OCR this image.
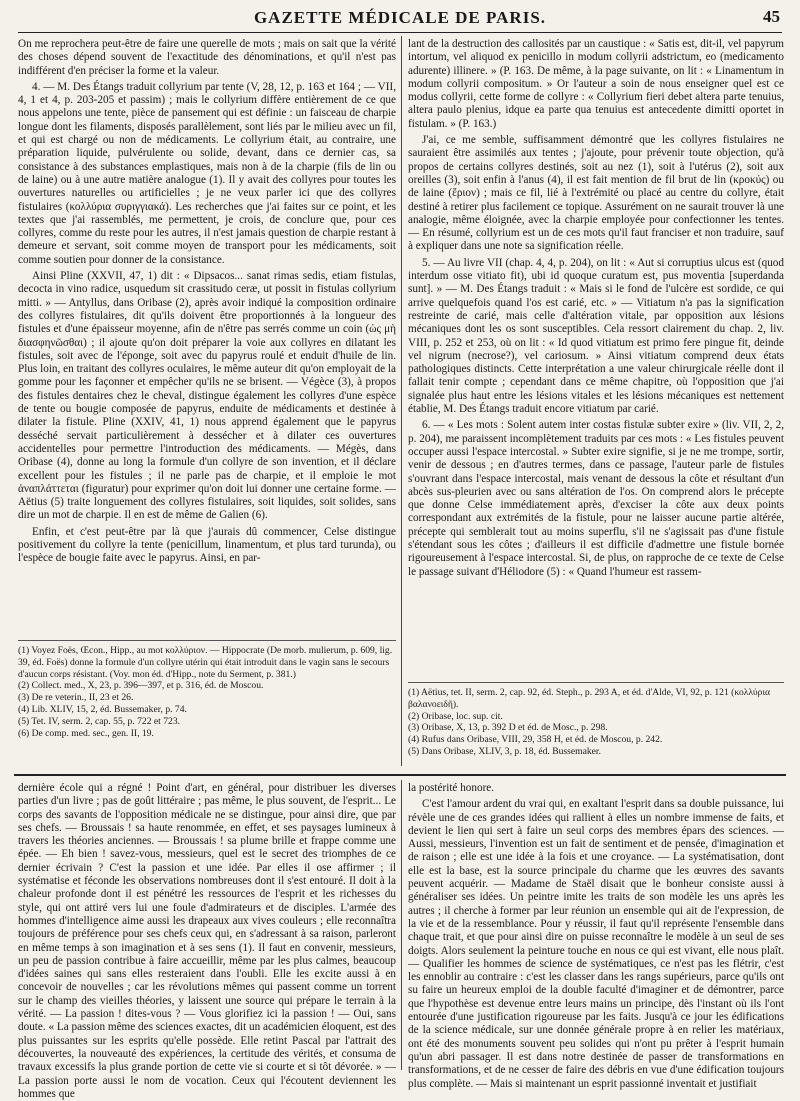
GAZETTE MÉDICALE DE PARIS.	45

On me reprochera peut-être de faire une querelle de mots ; mais on sait que la vérité des choses dépend souvent de l'exactitude des dénominations, et qu'il n'est pas indifférent d'en préciser la forme et la valeur.

4. — M. Des Étangs traduit collyrium par tente (V, 28, 12, p. 163 et 164 ; — VII, 4, 1 et 4, p. 203-205 et passim) ; mais le collyrium diffère entièrement de ce que nous appelons une tente, pièce de pansement qui est définie : un faisceau de charpie longue dont les filaments, disposés parallèlement, sont liés par le milieu avec un fil, et qui est chargé ou non de médicaments. Le collyrium était, au contraire, une préparation liquide, pulvérulente ou solide, devant, dans ce dernier cas, sa consistance à des substances emplastiques, mais non à de la charpie (fils de lin ou de laine) ou à une autre matière analogue (1). Il y avait des collyres pour toutes les ouvertures naturelles ou artificielles ; je ne veux parler ici que des collyres fistulaires (κολλύρια συριγγιακά). Les recherches que j'ai faites sur ce point, et les textes que j'ai rassemblés, me permettent, je crois, de conclure que, pour ces collyres, comme du reste pour les autres, il n'est jamais question de charpie restant à demeure et servant, soit comme moyen de transport pour les médicaments, soit comme soutien pour donner de la consistance.

Ainsi Pline (XXVII, 47, 1) dit : « Dipsacos... sanat rimas sedis, etiam fistulas, decocta in vino radice, usquedum sit crassitudo ceræ, ut possit in fistulas collyrium mitti. » — Antyllus, dans Oribase (2), après avoir indiqué la composition ordinaire des collyres fistulaires, dit qu'ils doivent être proportionnés à la longueur des fistules et d'une épaisseur moyenne, afin de n'être pas serrés comme un coin (ὡς μὴ διασφηνῶσθαι) ; il ajoute qu'on doit préparer la voie aux collyres en dilatant les fistules, soit avec de l'éponge, soit avec du papyrus roulé et enduit d'huile de lin. Plus loin, en traitant des collyres oculaires, le même auteur dit qu'on employait de la gomme pour les façonner et empêcher qu'ils ne se brisent. — Végèce (3), à propos des fistules dentaires chez le cheval, distingue également les collyres d'une espèce de tente ou bougie composée de papyrus, enduite de médicaments et destinée à dilater la fistule. Pline (XXIV, 41, 1) nous apprend également que le papyrus desséché servait particulièrement à dessécher et à dilater ces ouvertures accidentelles pour permettre l'introduction des médicaments. — Mégès, dans Oribase (4), donne au long la formule d'un collyre de son invention, et il déclare excellent pour les fistules ; il ne parle pas de charpie, et il emploie le mot ἀναπλάττεται (figuratur) pour exprimer qu'on doit lui donner une certaine forme. — Aëtius (5) traite longuement des collyres fistulaires, soit liquides, soit solides, sans dire un mot de charpie. Il en est de même de Galien (6).

Enfin, et c'est peut-être par là que j'aurais dû commencer, Celse distingue positivement du collyre la tente (penicillum, linamentum, et plus tard turunda), ou l'espèce de bougie faite avec le papyrus. Ainsi, en par-

(1) Voyez Foës, Œcon., Hipp., au mot κολλύριον. — Hippocrate (De morb. mulierum, p. 609, lig. 39, éd. Foës) donne la formule d'un collyre utérin qui était introduit dans le vagin sans le secours d'aucun corps résistant. (Voy. mon éd. d'Hipp., note du Serment, p. 381.)
(2) Collect. med., X, 23, p. 396—397, et p. 316, éd. de Moscou.
(3) De re veterin., II, 23 et 26.
(4) Lib. XLIV, 15, 2, éd. Bussemaker, p. 74.
(5) Tet. IV, serm. 2, cap. 55, p. 722 et 723.
(6) De comp. med. sec., gen. II, 19.

lant de la destruction des callosités par un caustique : « Satis est, dit-il, vel papyrum intortum, vel aliquod ex penicillo in modum collyrii adstrictum, eo (medicamento adurente) illinere. » (P. 163. De même, à la page suivante, on lit : « Linamentum in modum collyrii compositum. » Or l'auteur a soin de nous enseigner quel est ce modus collyrii, cette forme de collyre : « Collyrium fieri debet altera parte tenuius, altera paulo plenius, idque ea parte qua tenuius est antecedente dimitti oportet in fistulam. » (P. 163.)

J'ai, ce me semble, suffisamment démontré que les collyres fistulaires ne sauraient être assimilés aux tentes ; j'ajoute, pour prévenir toute objection, qu'à propos de certains collyres destinés, soit au nez (1), soit à l'utérus (2), soit aux oreilles (3), soit enfin à l'anus (4), il est fait mention de fil brut de lin (κροκύς) ou de laine (ἔριον) ; mais ce fil, lié à l'extrémité ou placé au centre du collyre, était destiné à retirer plus facilement ce topique. Assurément on ne saurait trouver là une analogie, même éloignée, avec la charpie employée pour confectionner les tentes. — En résumé, collyrium est un de ces mots qu'il faut franciser et non traduire, sauf à expliquer dans une note sa signification réelle.

5. — Au livre VII (chap. 4, 4, p. 204), on lit : « Aut si corruptius ulcus est (quod interdum osse vitiato fit), ubi id quoque curatum est, pus moventia [superdanda sunt]. » — M. Des Étangs traduit : « Mais si le fond de l'ulcère est sordide, ce qui arrive quelquefois quand l'os est carié, etc. » — Vitiatum n'a pas la signification restreinte de carié, mais celle d'altération vitale, par opposition aux lésions mécaniques dont les os sont susceptibles. Cela ressort clairement du chap. 2, liv. VIII, p. 252 et 253, où on lit : « Id quod vitiatum est primo fere pingue fit, deinde vel nigrum (necrose?), vel cariosum. » Ainsi vitiatum comprend deux états pathologiques distincts. Cette interprétation a une valeur chirurgicale réelle dont il fallait tenir compte ; cependant dans ce même chapitre, où l'opposition que j'ai signalée plus haut entre les lésions vitales et les lésions mécaniques est nettement établie, M. Des Étangs traduit encore vitiatum par carié.

6. — « Les mots : Solent autem inter costas fistulæ subter exire » (liv. VII, 2, 2, p. 204), me paraissent incomplètement traduits par ces mots : « Les fistules peuvent occuper aussi l'espace intercostal. » Subter exire signifie, si je ne me trompe, sortir, venir de dessous ; en d'autres termes, dans ce passage, l'auteur parle de fistules s'ouvrant dans l'espace intercostal, mais venant de dessous la côte et résultant d'un abcès sus-pleurien avec ou sans altération de l'os. On comprend alors le précepte que donne Celse immédiatement après, d'exciser la côte aux deux points correspondant aux extrémités de la fistule, pour ne laisser aucune partie altérée, précepte qui semblerait tout au moins superflu, s'il ne s'agissait pas d'une fistule s'étendant sous les côtes ; d'ailleurs il est difficile d'admettre une fistule bornée rigoureusement à l'espace intercostal. Si, de plus, on rapproche de ce texte de Celse le passage suivant d'Héliodore (5) : « Quand l'humeur est rassem-

(1) Aëtius, tet. II, serm. 2, cap. 92, éd. Steph., p. 293 A, et éd. d'Alde, VI, 92, p. 121 (κολλύρια βαλανοειδῆ).
(2) Oribase, loc. sup. cit.
(3) Oribase, X, 13, p. 392 D et éd. de Mosc., p. 298.
(4) Rufus dans Oribase, VIII, 29, 358 H, et éd. de Moscou, p. 242.
(5) Dans Oribase, XLIV, 3, p. 18, éd. Bussemaker.

dernière école qui a régné ! Point d'art, en général, pour distribuer les diverses parties d'un livre ; pas de goût littéraire ; pas même, le plus souvent, de l'esprit... Le corps des savants de l'opposition médicale ne se distingue, pour ainsi dire, que par ses chefs. — Broussais ! sa haute renommée, en effet, et ses paysages lumineux à travers les théories anciennes. — Broussais ! sa plume brille et frappe comme une épée. — Eh bien ! savez-vous, messieurs, quel est le secret des triomphes de ce dernier écrivain ? C'est la passion et une idée. Par elles il ose affirmer ; il systématise et féconde les observations nombreuses dont il s'est entouré. Il doit à la chaleur profonde dont il est pénétré les ressources de l'esprit et les richesses du style, qui ont attiré vers lui une foule d'admirateurs et de disciples. L'armée des hommes d'intelligence aime aussi les drapeaux aux vives couleurs ; elle reconnaîtra toujours de préférence pour ses chefs ceux qui, en s'adressant à sa raison, parleront en même temps à son imagination et à ses sens (1). Il faut en convenir, messieurs, un peu de passion contribue à faire accueillir, même par les plus calmes, beaucoup d'idées saines qui sans elles resteraient dans l'oubli. Elle les excite aussi à en concevoir de nouvelles ; car les révolutions mêmes qui passent comme un torrent sur le champ des vieilles théories, y laissent une source qui prépare le terrain à la vérité. — La passion ! dites-vous ? — Vous glorifiez ici la passion ! — Oui, sans doute. « La passion même des sciences exactes, dit un académicien éloquent, est des plus puissantes sur les esprits qu'elle possède. Elle retint Pascal par l'attrait des découvertes, la nouveauté des expériences, la certitude des vérités, et consuma de travaux excessifs la plus grande portion de cette vie si courte et si tôt dévorée. » — La passion porte aussi le nom de vocation. Ceux qui l'écoutent deviennent les hommes que

la postérité honore.

C'est l'amour ardent du vrai qui, en exaltant l'esprit dans sa double puissance, lui révèle une de ces grandes idées qui rallient à elles un nombre immense de faits, et devient le lien qui sert à faire un seul corps des membres épars des sciences. — Aussi, messieurs, l'invention est un fait de sentiment et de pensée, d'imagination et de raison ; elle est une idée à la fois et une croyance. — La systématisation, dont elle est la base, est la source principale du charme que les œuvres des savants peuvent acquérir. — Madame de Staël disait que le bonheur consiste aussi à généraliser ses idées. Un peintre imite les traits de son modèle les uns après les autres ; il cherche à former par leur réunion un ensemble qui ait de l'expression, de la vie et de la ressemblance. Pour y réussir, il faut qu'il représente l'ensemble dans chaque trait, et que pour ainsi dire on puisse reconnaître le modèle à un seul de ses doigts. Alors seulement la peinture touche en nous ce qui est vivant, elle nous plaît. — Qualifier les hommes de science de systématiques, ce n'est pas les flétrir, c'est les ennoblir au contraire : c'est les classer dans les rangs supérieurs, parce qu'ils ont su faire un heureux emploi de la double faculté d'imaginer et de démontrer, parce que l'hypothèse est devenue entre leurs mains un principe, dès l'instant où ils l'ont entourée d'une justification rigoureuse par les faits. Jusqu'à ce jour les édifications de la science médicale, sur une donnée générale propre à en relier les matériaux, ont été des monuments souvent peu solides qui n'ont pu prêter à l'esprit humain qu'un abri passager. Il est dans notre destinée de passer de transformations en transformations, et de ne cesser de faire des débris en vue d'une édification toujours plus complète. — Mais si maintenant un esprit passionné inventait et justifiait
